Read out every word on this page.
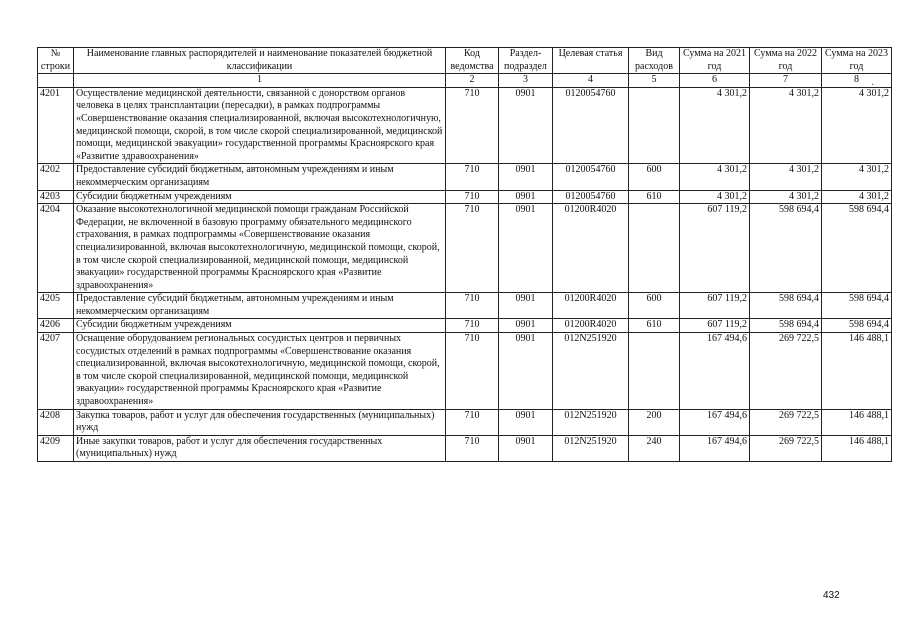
№ строки	Наименование главных распорядителей и наименование показателей бюджетной классификации	Код ведомства	Раздел-подраздел	Целевая статья	Вид расходов	Сумма на 2021 год	Сумма на 2022 год	Сумма на 2023 год
	1	2	3	4	5	6	7	8
4201	Осуществление медицинской деятельности, связанной с донорством органов человека в целях трансплантации (пересадки), в рамках подпрограммы «Совершенствование оказания специализированной, включая высокотехнологичную, медицинской помощи, скорой, в том числе скорой специализированной, медицинской помощи, медицинской эвакуации» государственной программы Красноярского края «Развитие здравоохранения»	710	0901	0120054760		4 301,2	4 301,2	4 301,2
4202	Предоставление субсидий бюджетным, автономным учреждениям и иным некоммерческим организациям	710	0901	0120054760	600	4 301,2	4 301,2	4 301,2
4203	Субсидии бюджетным учреждениям	710	0901	0120054760	610	4 301,2	4 301,2	4 301,2
4204	Оказание высокотехнологичной медицинской помощи гражданам Российской Федерации, не включенной в базовую программу обязательного медицинского страхования, в рамках подпрограммы «Совершенствование оказания специализированной, включая высокотехнологичную, медицинской помощи, скорой, в том числе скорой специализированной, медицинской помощи, медицинской эвакуации» государственной программы Красноярского края «Развитие здравоохранения»	710	0901	01200R4020		607 119,2	598 694,4	598 694,4
4205	Предоставление субсидий бюджетным, автономным учреждениям и иным некоммерческим организациям	710	0901	01200R4020	600	607 119,2	598 694,4	598 694,4
4206	Субсидии бюджетным учреждениям	710	0901	01200R4020	610	607 119,2	598 694,4	598 694,4
4207	Оснащение оборудованием региональных сосудистых центров и первичных сосудистых отделений в рамках подпрограммы «Совершенствование оказания специализированной, включая высокотехнологичную, медицинской помощи, скорой, в том числе скорой специализированной, медицинской помощи, медицинской эвакуации» государственной программы Красноярского края «Развитие здравоохранения»	710	0901	012N251920		167 494,6	269 722,5	146 488,1
4208	Закупка товаров, работ и услуг для обеспечения государственных (муниципальных) нужд	710	0901	012N251920	200	167 494,6	269 722,5	146 488,1
4209	Иные закупки товаров, работ и услуг для обеспечения государственных (муниципальных) нужд	710	0901	012N251920	240	167 494,6	269 722,5	146 488,1
·
432
